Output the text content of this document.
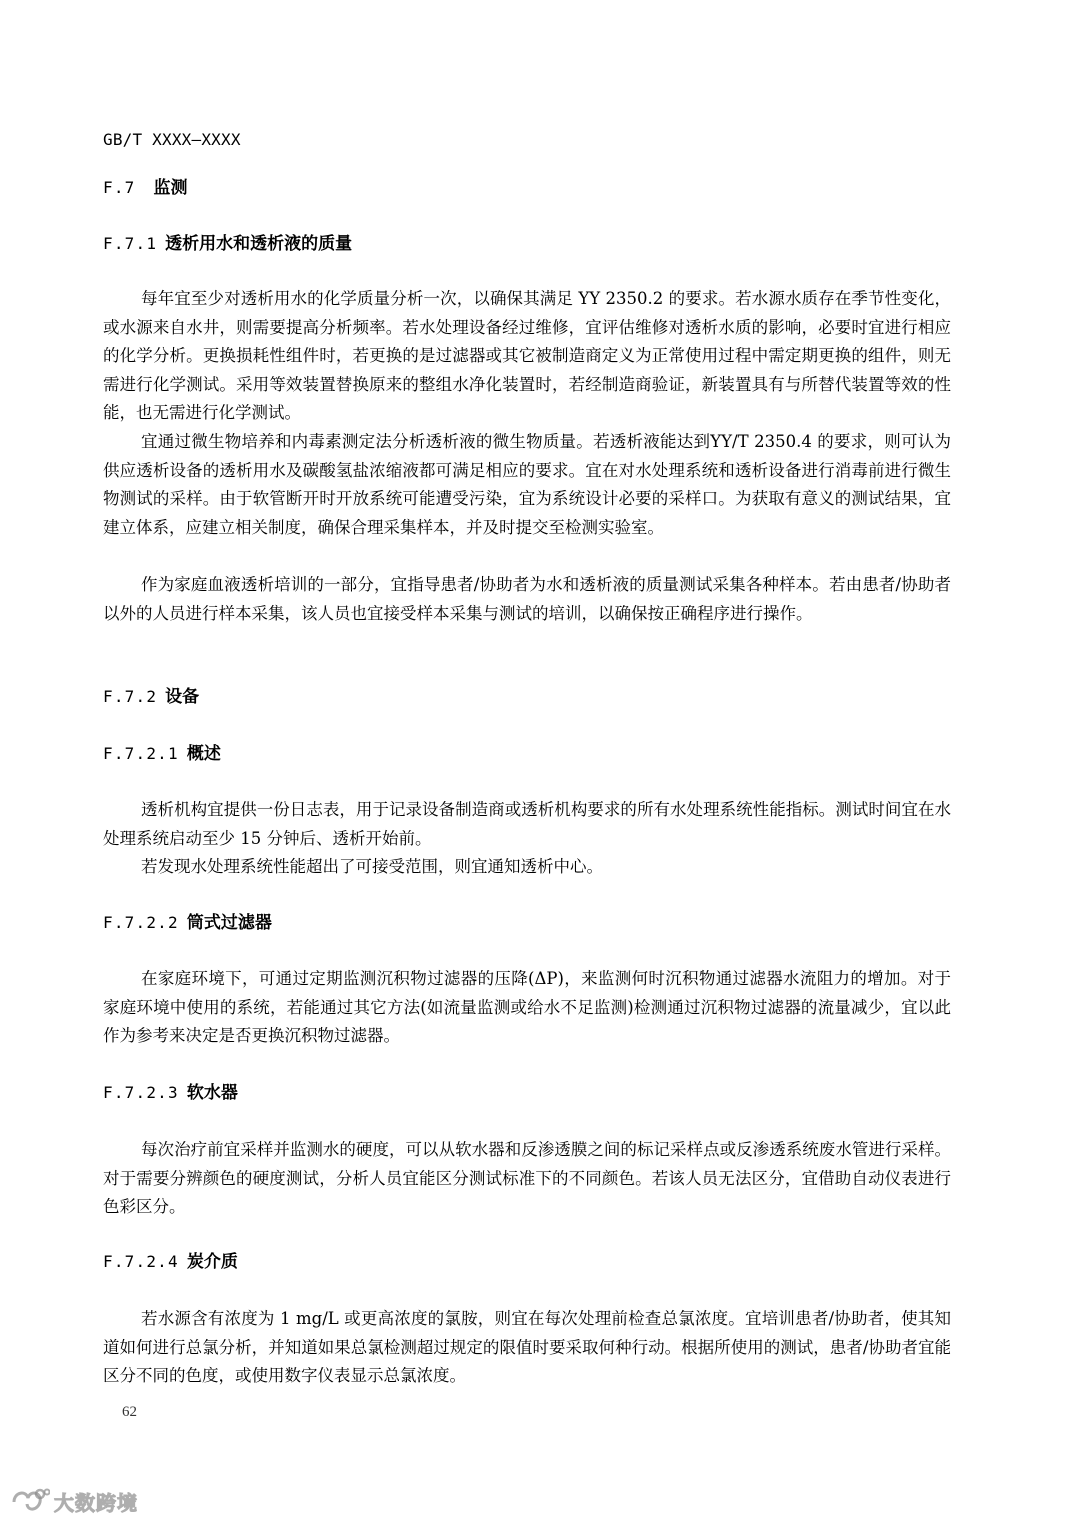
GB/T XXXX—XXXX
F.7 监测
F.7.1 透析用水和透析液的质量

每年宜至少对透析用水的化学质量分析一次，以确保其满足 YY 2350.2 的要求。若水源水质存在季节性变化，或水源来自水井，则需要提高分析频率。若水处理设备经过维修，宜评估维修对透析水质的影响，必要时宜进行相应的化学分析。更换损耗性组件时，若更换的是过滤器或其它被制造商定义为正常使用过程中需定期更换的组件，则无需进行化学测试。采用等效装置替换原来的整组水净化装置时，若经制造商验证，新装置具有与所替代装置等效的性能，也无需进行化学测试。

宜通过微生物培养和内毒素测定法分析透析液的微生物质量。若透析液能达到YY/T 2350.4 的要求，则可认为供应透析设备的透析用水及碳酸氢盐浓缩液都可满足相应的要求。宜在对水处理系统和透析设备进行消毒前进行微生物测试的采样。由于软管断开时开放系统可能遭受污染，宜为系统设计必要的采样口。为获取有意义的测试结果，宜建立体系，应建立相关制度，确保合理采集样本，并及时提交至检测实验室。

作为家庭血液透析培训的一部分，宜指导患者/协助者为水和透析液的质量测试采集各种样本。若由患者/协助者以外的人员进行样本采集，该人员也宜接受样本采集与测试的培训，以确保按正确程序进行操作。

F.7.2 设备
F.7.2.1 概述

透析机构宜提供一份日志表，用于记录设备制造商或透析机构要求的所有水处理系统性能指标。测试时间宜在水处理系统启动至少 15 分钟后、透析开始前。

若发现水处理系统性能超出了可接受范围，则宜通知透析中心。

F.7.2.2 筒式过滤器

在家庭环境下，可通过定期监测沉积物过滤器的压降(ΔP)，来监测何时沉积物通过滤器水流阻力的增加。对于家庭环境中使用的系统，若能通过其它方法(如流量监测或给水不足监测)检测通过沉积物过滤器的流量减少，宜以此作为参考来决定是否更换沉积物过滤器。

F.7.2.3 软水器

每次治疗前宜采样并监测水的硬度，可以从软水器和反渗透膜之间的标记采样点或反渗透系统废水管进行采样。对于需要分辨颜色的硬度测试，分析人员宜能区分测试标准下的不同颜色。若该人员无法区分，宜借助自动仪表进行色彩区分。

F.7.2.4 炭介质

若水源含有浓度为 1 mg/L 或更高浓度的氯胺，则宜在每次处理前检查总氯浓度。宜培训患者/协助者，使其知道如何进行总氯分析，并知道如果总氯检测超过规定的限值时要采取何种行动。根据所使用的测试，患者/协助者宜能区分不同的色度，或使用数字仪表显示总氯浓度。

62
大数跨境
